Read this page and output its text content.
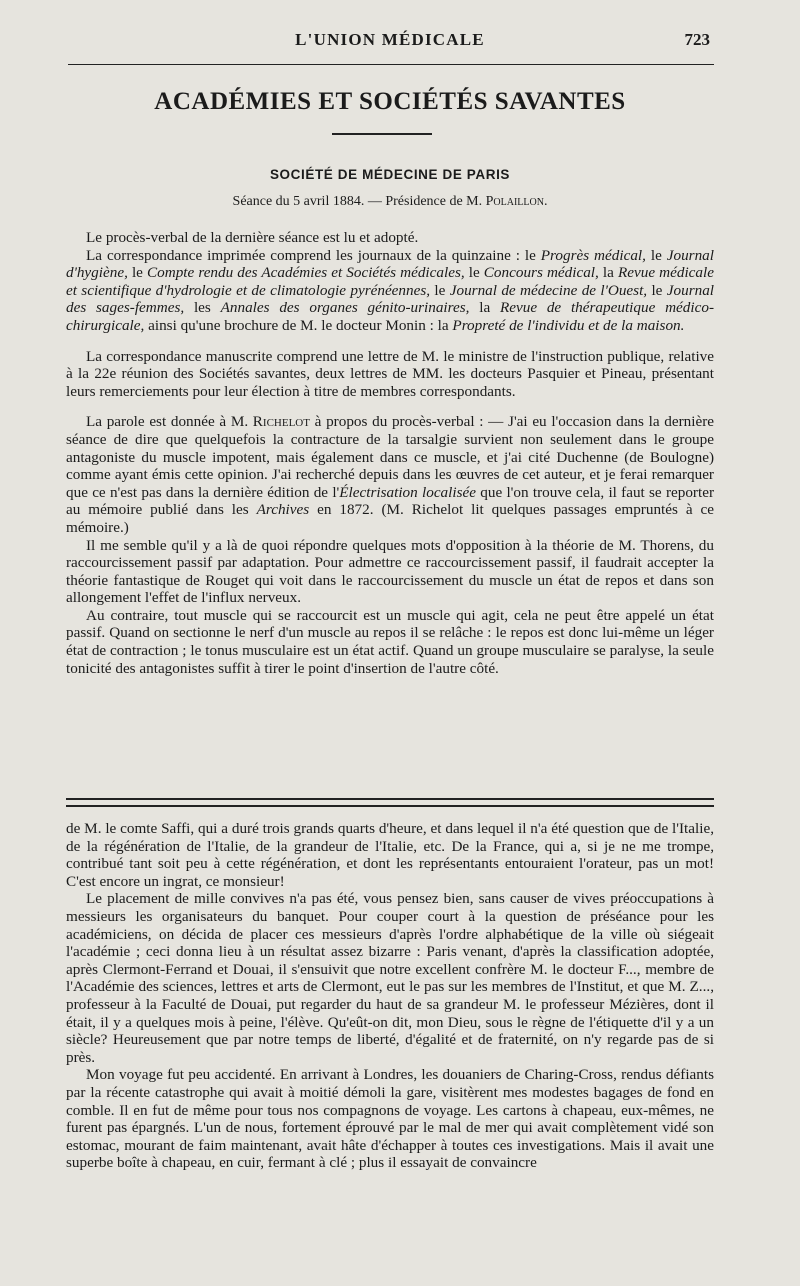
L'UNION MÉDICALE	723
ACADÉMIES ET SOCIÉTÉS SAVANTES
SOCIÉTÉ DE MÉDECINE DE PARIS
Séance du 5 avril 1884. — Présidence de M. Polaillon.

Le procès-verbal de la dernière séance est lu et adopté.

La correspondance imprimée comprend les journaux de la quinzaine : le Progrès médical, le Journal d'hygiène, le Compte rendu des Académies et Sociétés médicales, le Concours médical, la Revue médicale et scientifique d'hydrologie et de climatologie pyrénéennes, le Journal de médecine de l'Ouest, le Journal des sages-femmes, les Annales des organes génito-urinaires, la Revue de thérapeutique médico-chirurgicale, ainsi qu'une brochure de M. le docteur Monin : la Propreté de l'individu et de la maison.

La correspondance manuscrite comprend une lettre de M. le ministre de l'instruction publique, relative à la 22e réunion des Sociétés savantes, deux lettres de MM. les docteurs Pasquier et Pineau, présentant leurs remerciements pour leur élection à titre de membres correspondants.

La parole est donnée à M. Richelot à propos du procès-verbal : — J'ai eu l'occasion dans la dernière séance de dire que quelquefois la contracture de la tarsalgie survient non seulement dans le groupe antagoniste du muscle impotent, mais également dans ce muscle, et j'ai cité Duchenne (de Boulogne) comme ayant émis cette opinion. J'ai recherché depuis dans les œuvres de cet auteur, et je ferai remarquer que ce n'est pas dans la dernière édition de l'Électrisation localisée que l'on trouve cela, il faut se reporter au mémoire publié dans les Archives en 1872. (M. Richelot lit quelques passages empruntés à ce mémoire.)

Il me semble qu'il y a là de quoi répondre quelques mots d'opposition à la théorie de M. Thorens, du raccourcissement passif par adaptation. Pour admettre ce raccourcissement passif, il faudrait accepter la théorie fantastique de Rouget qui voit dans le raccourcissement du muscle un état de repos et dans son allongement l'effet de l'influx nerveux.

Au contraire, tout muscle qui se raccourcit est un muscle qui agit, cela ne peut être appelé un état passif. Quand on sectionne le nerf d'un muscle au repos il se relâche : le repos est donc lui-même un léger état de contraction ; le tonus musculaire est un état actif. Quand un groupe musculaire se paralyse, la seule tonicité des antagonistes suffit à tirer le point d'insertion de l'autre côté.

de M. le comte Saffi, qui a duré trois grands quarts d'heure, et dans lequel il n'a été question que de l'Italie, de la régénération de l'Italie, de la grandeur de l'Italie, etc. De la France, qui a, si je ne me trompe, contribué tant soit peu à cette régénération, et dont les représentants entouraient l'orateur, pas un mot! C'est encore un ingrat, ce monsieur!

Le placement de mille convives n'a pas été, vous pensez bien, sans causer de vives préoccupations à messieurs les organisateurs du banquet. Pour couper court à la question de préséance pour les académiciens, on décida de placer ces messieurs d'après l'ordre alphabétique de la ville où siégeait l'académie ; ceci donna lieu à un résultat assez bizarre : Paris venant, d'après la classification adoptée, après Clermont-Ferrand et Douai, il s'ensuivit que notre excellent confrère M. le docteur F..., membre de l'Académie des sciences, lettres et arts de Clermont, eut le pas sur les membres de l'Institut, et que M. Z..., professeur à la Faculté de Douai, put regarder du haut de sa grandeur M. le professeur Mézières, dont il était, il y a quelques mois à peine, l'élève. Qu'eût-on dit, mon Dieu, sous le règne de l'étiquette d'il y a un siècle? Heureusement que par notre temps de liberté, d'égalité et de fraternité, on n'y regarde pas de si près.

Mon voyage fut peu accidenté. En arrivant à Londres, les douaniers de Charing-Cross, rendus défiants par la récente catastrophe qui avait à moitié démoli la gare, visitèrent mes modestes bagages de fond en comble. Il en fut de même pour tous nos compagnons de voyage. Les cartons à chapeau, eux-mêmes, ne furent pas épargnés. L'un de nous, fortement éprouvé par le mal de mer qui avait complètement vidé son estomac, mourant de faim maintenant, avait hâte d'échapper à toutes ces investigations. Mais il avait une superbe boîte à chapeau, en cuir, fermant à clé ; plus il essayait de convaincre
